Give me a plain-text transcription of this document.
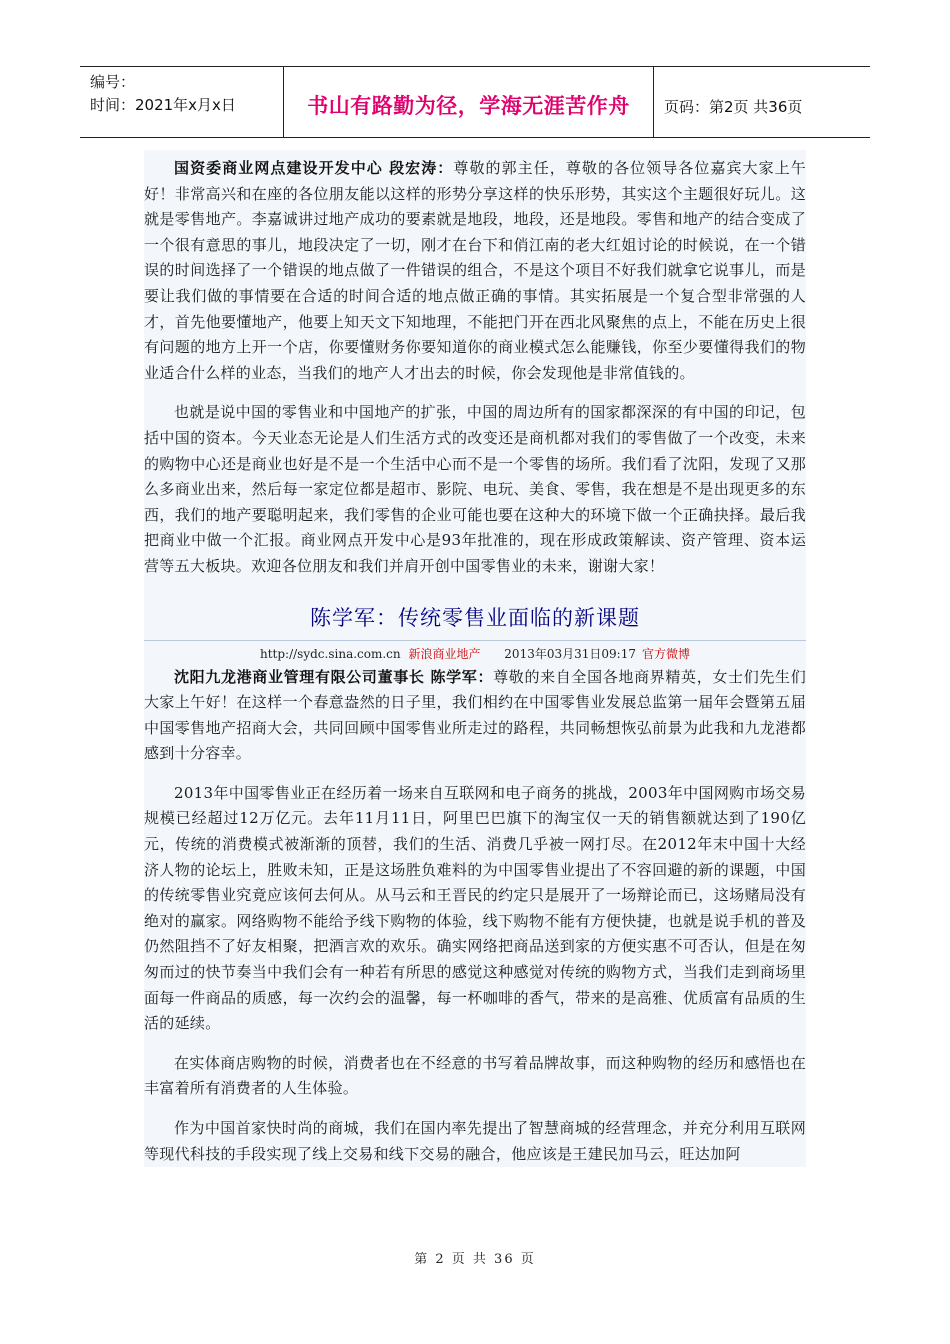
编号：
时间：2021年x月x日	书山有路勤为径，学海无涯苦作舟 页码：第2页 共36页

国资委商业网点建设开发中心 段宏涛：尊敬的郭主任，尊敬的各位领导各位嘉宾大家上午好！非常高兴和在座的各位朋友能以这样的形势分享这样的快乐形势，其实这个主题很好玩儿。这就是零售地产。李嘉诚讲过地产成功的要素就是地段，地段，还是地段。零售和地产的结合变成了一个很有意思的事儿，地段决定了一切，刚才在台下和俏江南的老大红姐讨论的时候说，在一个错误的时间选择了一个错误的地点做了一件错误的组合，不是这个项目不好我们就拿它说事儿，而是要让我们做的事情要在合适的时间合适的地点做正确的事情。其实拓展是一个复合型非常强的人才，首先他要懂地产，他要上知天文下知地理，不能把门开在西北风聚焦的点上，不能在历史上很有问题的地方上开一个店，你要懂财务你要知道你的商业模式怎么能赚钱，你至少要懂得我们的物业适合什么样的业态，当我们的地产人才出去的时候，你会发现他是非常值钱的。

也就是说中国的零售业和中国地产的扩张，中国的周边所有的国家都深深的有中国的印记，包括中国的资本。今天业态无论是人们生活方式的改变还是商机都对我们的零售做了一个改变，未来的购物中心还是商业也好是不是一个生活中心而不是一个零售的场所。我们看了沈阳，发现了又那么多商业出来，然后每一家定位都是超市、影院、电玩、美食、零售，我在想是不是出现更多的东西，我们的地产要聪明起来，我们零售的企业可能也要在这种大的环境下做一个正确抉择。最后我把商业中做一个汇报。商业网点开发中心是93年批准的，现在形成政策解读、资产管理、资本运营等五大板块。欢迎各位朋友和我们并肩开创中国零售业的未来，谢谢大家！

陈学军：传统零售业面临的新课题
http://sydc.sina.com.cn 新浪商业地产 2013年03月31日09:17 官方微博

沈阳九龙港商业管理有限公司董事长 陈学军：尊敬的来自全国各地商界精英，女士们先生们大家上午好！在这样一个春意盎然的日子里，我们相约在中国零售业发展总监第一届年会暨第五届中国零售地产招商大会，共同回顾中国零售业所走过的路程，共同畅想恢弘前景为此我和九龙港都感到十分容幸。

2013年中国零售业正在经历着一场来自互联网和电子商务的挑战，2003年中国网购市场交易规模已经超过12万亿元。去年11月11日，阿里巴巴旗下的淘宝仅一天的销售额就达到了190亿元，传统的消费模式被渐渐的顶替，我们的生活、消费几乎被一网打尽。在2012年末中国十大经济人物的论坛上，胜败未知，正是这场胜负难料的为中国零售业提出了不容回避的新的课题，中国的传统零售业究竟应该何去何从。从马云和王晋民的约定只是展开了一场辩论而已，这场赌局没有绝对的赢家。网络购物不能给予线下购物的体验，线下购物不能有方便快捷，也就是说手机的普及仍然阻挡不了好友相聚，把酒言欢的欢乐。确实网络把商品送到家的方便实惠不可否认，但是在匆匆而过的快节奏当中我们会有一种若有所思的感觉这种感觉对传统的购物方式，当我们走到商场里面每一件商品的质感，每一次约会的温馨，每一杯咖啡的香气，带来的是高雅、优质富有品质的生活的延续。

在实体商店购物的时候，消费者也在不经意的书写着品牌故事，而这种购物的经历和感悟也在丰富着所有消费者的人生体验。

作为中国首家快时尚的商城，我们在国内率先提出了智慧商城的经营理念，并充分利用互联网等现代科技的手段实现了线上交易和线下交易的融合，他应该是王建民加马云，旺达加阿

第 2 页 共 36 页
